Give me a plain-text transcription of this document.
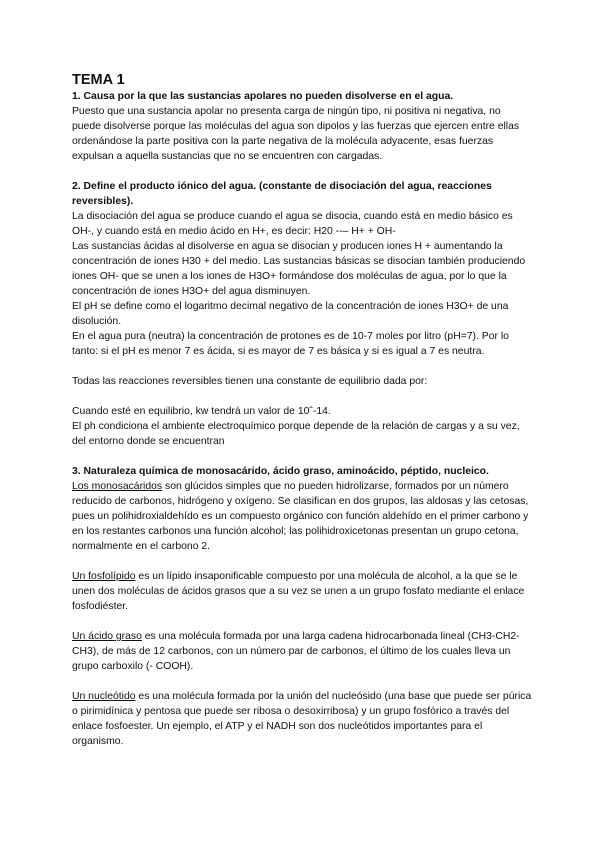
TEMA 1

1. Causa por la que las sustancias apolares no pueden disolverse en el agua.

Puesto que una sustancia apolar no presenta carga de ningún tipo, ni positiva ni negativa, no puede disolverse porque las moléculas del agua son dipolos y las fuerzas que ejercen entre ellas ordenándose la parte positiva con la parte negativa de la molécula adyacente, esas fuerzas expulsan a aquella sustancias que no se encuentren con cargadas.

2. Define el producto iónico del agua. (constante de disociación del agua, reacciones reversibles).

La disociación del agua se produce cuando el agua se disocia, cuando está en medio básico es OH-, y cuando está en medio ácido en H+, es decir: H20 --– H+ + OH-

Las sustancias ácidas al disolverse en agua se disocian y producen iones H + aumentando la concentración de iones H30 + del medio. Las sustancias básicas se disocian también produciendo iones OH- que se unen a los iones de H3O+ formándose dos moléculas de agua, por lo que la concentración de iones H3O+ del agua disminuyen.

El pH se define como el logaritmo decimal negativo de la concentración de iones H3O+ de una disolución.

En el agua pura (neutra) la concentración de protones es de 10-7 moles por litro (pH=7). Por lo tanto: si el pH es menor 7 es ácida, si es mayor de 7 es básica y si es igual a 7 es neutra.

Todas las reacciones reversibles tienen una constante de equilibrio dada por:

Cuando esté en equilibrio, kw tendrá un valor de 10ˆ-14.

El ph condiciona el ambiente electroquímico porque depende de la relación de cargas y a su vez, del entorno donde se encuentran

3. Naturaleza química de monosacárido, ácido graso, aminoácido, péptido, nucleico.

Los monosacáridos son glúcidos simples que no pueden hidrolizarse, formados por un número reducido de carbonos, hidrógeno y oxígeno. Se clasifican en dos grupos, las aldosas y las cetosas, pues un polihidroxialdehído es un compuesto orgánico con función aldehído en el primer carbono y en los restantes carbonos una función alcohol; las polihidroxicetonas presentan un grupo cetona, normalmente en el carbono 2.

Un fosfolípido es un lípido insaponificable compuesto por una molécula de alcohol, a la que se le unen dos moléculas de ácidos grasos que a su vez se unen a un grupo fosfato mediante el enlace fosfodiéster.

Un ácido graso es una molécula formada por una larga cadena hidrocarbonada lineal (CH3-CH2-CH3), de más de 12 carbonos, con un número par de carbonos, el último de los cuales lleva un grupo carboxilo (- COOH).

Un nucleótido es una molécula formada por la unión del nucleósido (una base que puede ser púrica o pirimidínica y pentosa que puede ser ribosa o desoxirribosa) y un grupo fosfórico a través del enlace fosfoester. Un ejemplo, el ATP y el NADH son dos nucleótidos importantes para el organismo.
